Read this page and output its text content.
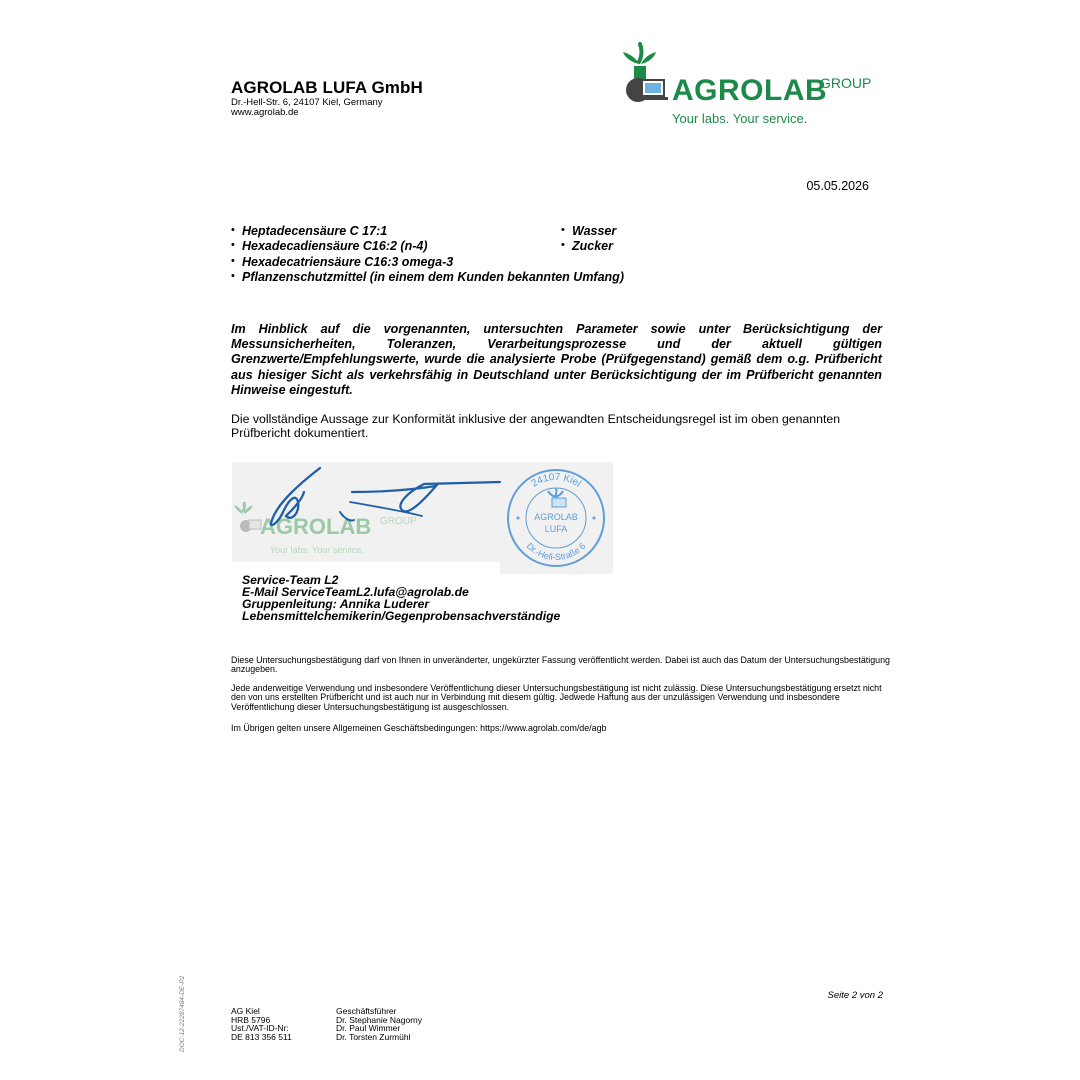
AGROLAB LUFA GmbH
Dr.-Hell-Str. 6, 24107 Kiel, Germany
www.agrolab.de
AGROLAB
GROUP
Your labs. Your service.
05.05.2026
• Heptadecensäure C 17:1
• Hexadecadiensäure C16:2 (n-4)
• Hexadecatriensäure C16:3 omega-3
• Pflanzenschutzmittel (in einem dem Kunden bekannten Umfang)
• Wasser
• Zucker
Im Hinblick auf die vorgenannten, untersuchten Parameter sowie unter Berücksichtigung der Messunsicherheiten, Toleranzen, Verarbeitungsprozesse und der aktuell gültigen Grenzwerte/Empfehlungswerte, wurde die analysierte Probe (Prüfgegenstand) gemäß dem o.g. Prüfbericht aus hiesiger Sicht als verkehrsfähig in Deutschland unter Berücksichtigung der im Prüfbericht genannten Hinweise eingestuft.
Die vollständige Aussage zur Konformität inklusive der angewandten Entscheidungsregel ist im oben genannten Prüfbericht dokumentiert.
AGROLAB GROUP
Your labs. Your service.
24107 Kiel
Dr.-Hell-Straße 6
AGROLAB
LUFA
Service-Team L2
E-Mail ServiceTeamL2.lufa@agrolab.de
Gruppenleitung: Annika Luderer
Lebensmittelchemikerin/Gegenprobensachverständige
Diese Untersuchungsbestätigung darf von Ihnen in unveränderter, ungekürzter Fassung veröffentlicht werden. Dabei ist auch das Datum der Untersuchungsbestätigung anzugeben.
Jede anderweitige Verwendung und insbesondere Veröffentlichung dieser Untersuchungsbestätigung ist nicht zulässig. Diese Untersuchungsbestätigung ersetzt nicht den von uns erstellten Prüfbericht und ist auch nur in Verbindung mit diesem gültig. Jedwede Haftung aus der unzulässigen Verwendung und insbesondere Veröffentlichung dieser Untersuchungsbestätigung ist ausgeschlossen.
Im Übrigen gelten unsere Allgemeinen Geschäftsbedingungen: https://www.agrolab.com/de/agb
DOC-12-22287484-DE-P2	Seite 2 von 2
AG Kiel
HRB 5796
Ust./VAT-ID-Nr:
DE 813 356 511
Geschäftsführer
Dr. Stephanie Nagorny
Dr. Paul Wimmer
Dr. Torsten Zurmühl
